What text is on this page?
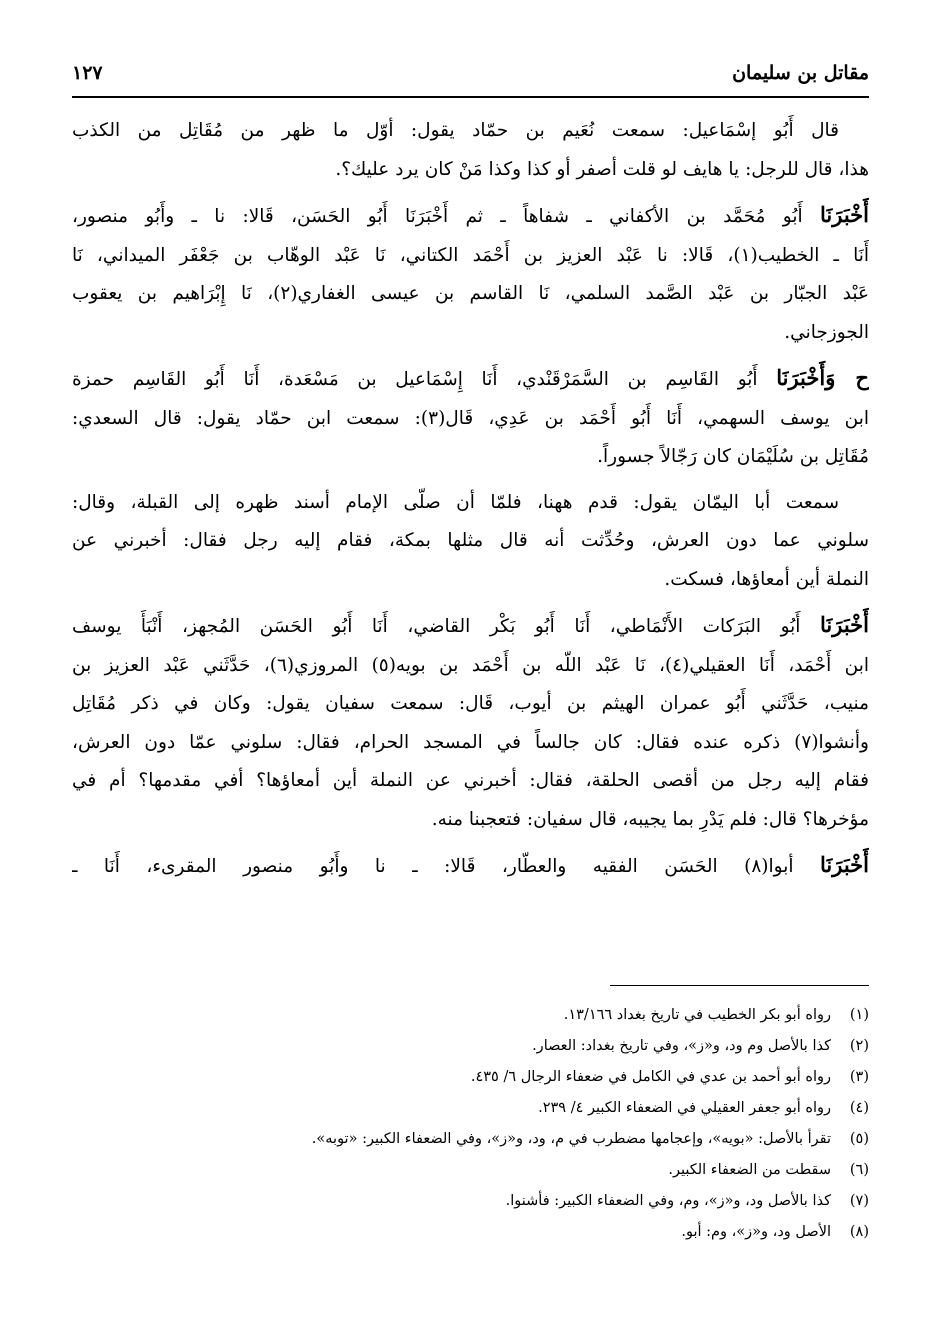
مقاتل بن سليمان
١٢٧
قال أَبُو إسْمَاعيل: سمعت نُعَيم بن حمّاد يقول: أوّل ما ظهر من مُقَاتِل من الكذب
هذا، قال للرجل: يا هايف لو قلت أصفر أو كذا وكذا مَنْ كان يرد عليك؟.
أَخْبَرَنَا أَبُو مُحَمَّد بن الأكفاني ـ شفاهاً ـ ثم أَخْبَرَنَا أَبُو الحَسَن، قَالا: نا ـ وأَبُو منصور،
أَنَا ـ الخطيب(١)، قَالا: نا عَبْد العزيز بن أَحْمَد الكتاني، نَا عَبْد الوهّاب بن جَعْفَر الميداني، نَا
عَبْد الجبّار بن عَبْد الصَّمد السلمي، نَا القاسم بن عيسى الغفاري(٢)، نَا إِبْرَاهيم بن يعقوب
الجوزجاني.
ح وَأَخْبَرَنَا أَبُو القَاسِم بن السَّمَرْقَنْدي، أَنَا إِسْمَاعيل بن مَسْعَدة، أَنَا أَبُو القَاسِم حمزة
ابن يوسف السهمي، أَنَا أَبُو أَحْمَد بن عَدِي، قَال(٣): سمعت ابن حمّاد يقول: قال السعدي:
مُقَاتِل بن سُلَيْمَان كان رَجّالاً جسوراً.
سمعت أبا اليمّان يقول: قدم ههنا، فلمّا أن صلّى الإمام أسند ظهره إلى القبلة، وقال:
سلوني عما دون العرش، وحُدِّثت أنه قال مثلها بمكة، فقام إليه رجل فقال: أخبرني عن
النملة أين أمعاؤها، فسكت.
أَخْبَرَنَا أَبُو البَرَكات الأَنْمَاطي، أَنَا أَبُو بَكْر القاضي، أَنَا أَبُو الحَسَن المُجهز، أَنْبَأَ يوسف
ابن أَحْمَد، أَنَا العقيلي(٤)، نَا عَبْد اللّه بن أَحْمَد بن بويه(٥) المروزي(٦)، حَدَّثَني عَبْد العزيز بن
منيب، حَدَّثَني أَبُو عمران الهيثم بن أيوب، قَال: سمعت سفيان يقول: وكان في ذكر مُقَاتِل
وأنشوا(٧) ذكره عنده فقال: كان جالساً في المسجد الحرام، فقال: سلوني عمّا دون العرش،
فقام إليه رجل من أقصى الحلقة، فقال: أخبرني عن النملة أين أمعاؤها؟ أفي مقدمها؟ أم في
مؤخرها؟ قال: فلم يَدْرِ بما يجيبه، قال سفيان: فتعجبنا منه.
أَخْبَرَنَا أبوا(٨) الحَسَن الفقيه والعطّار، قَالا: ـ نا وأَبُو منصور المقرىء، أَنَا ـ
(١)
رواه أبو بكر الخطيب في تاريخ بغداد ١٣/١٦٦.
(٢)
كذا بالأصل وم ود، و«ز»، وفي تاريخ بغداد: العصار.
(٣)
رواه أبو أحمد بن عدي في الكامل في ضعفاء الرجال ٦/ ٤٣٥.
(٤)
رواه أبو جعفر العقيلي في الضعفاء الكبير ٤/ ٢٣٩.
(٥)
تقرأ بالأصل: «بويه»، وإعجامها مضطرب في م، ود، و«ز»، وفي الضعفاء الكبير: «توبه».
(٦)
سقطت من الضعفاء الكبير.
(٧)
كذا بالأصل ود، و«ز»، وم، وفي الضعفاء الكبير: فأشنوا.
(٨)
الأصل ود، و«ز»، وم: أبو.
